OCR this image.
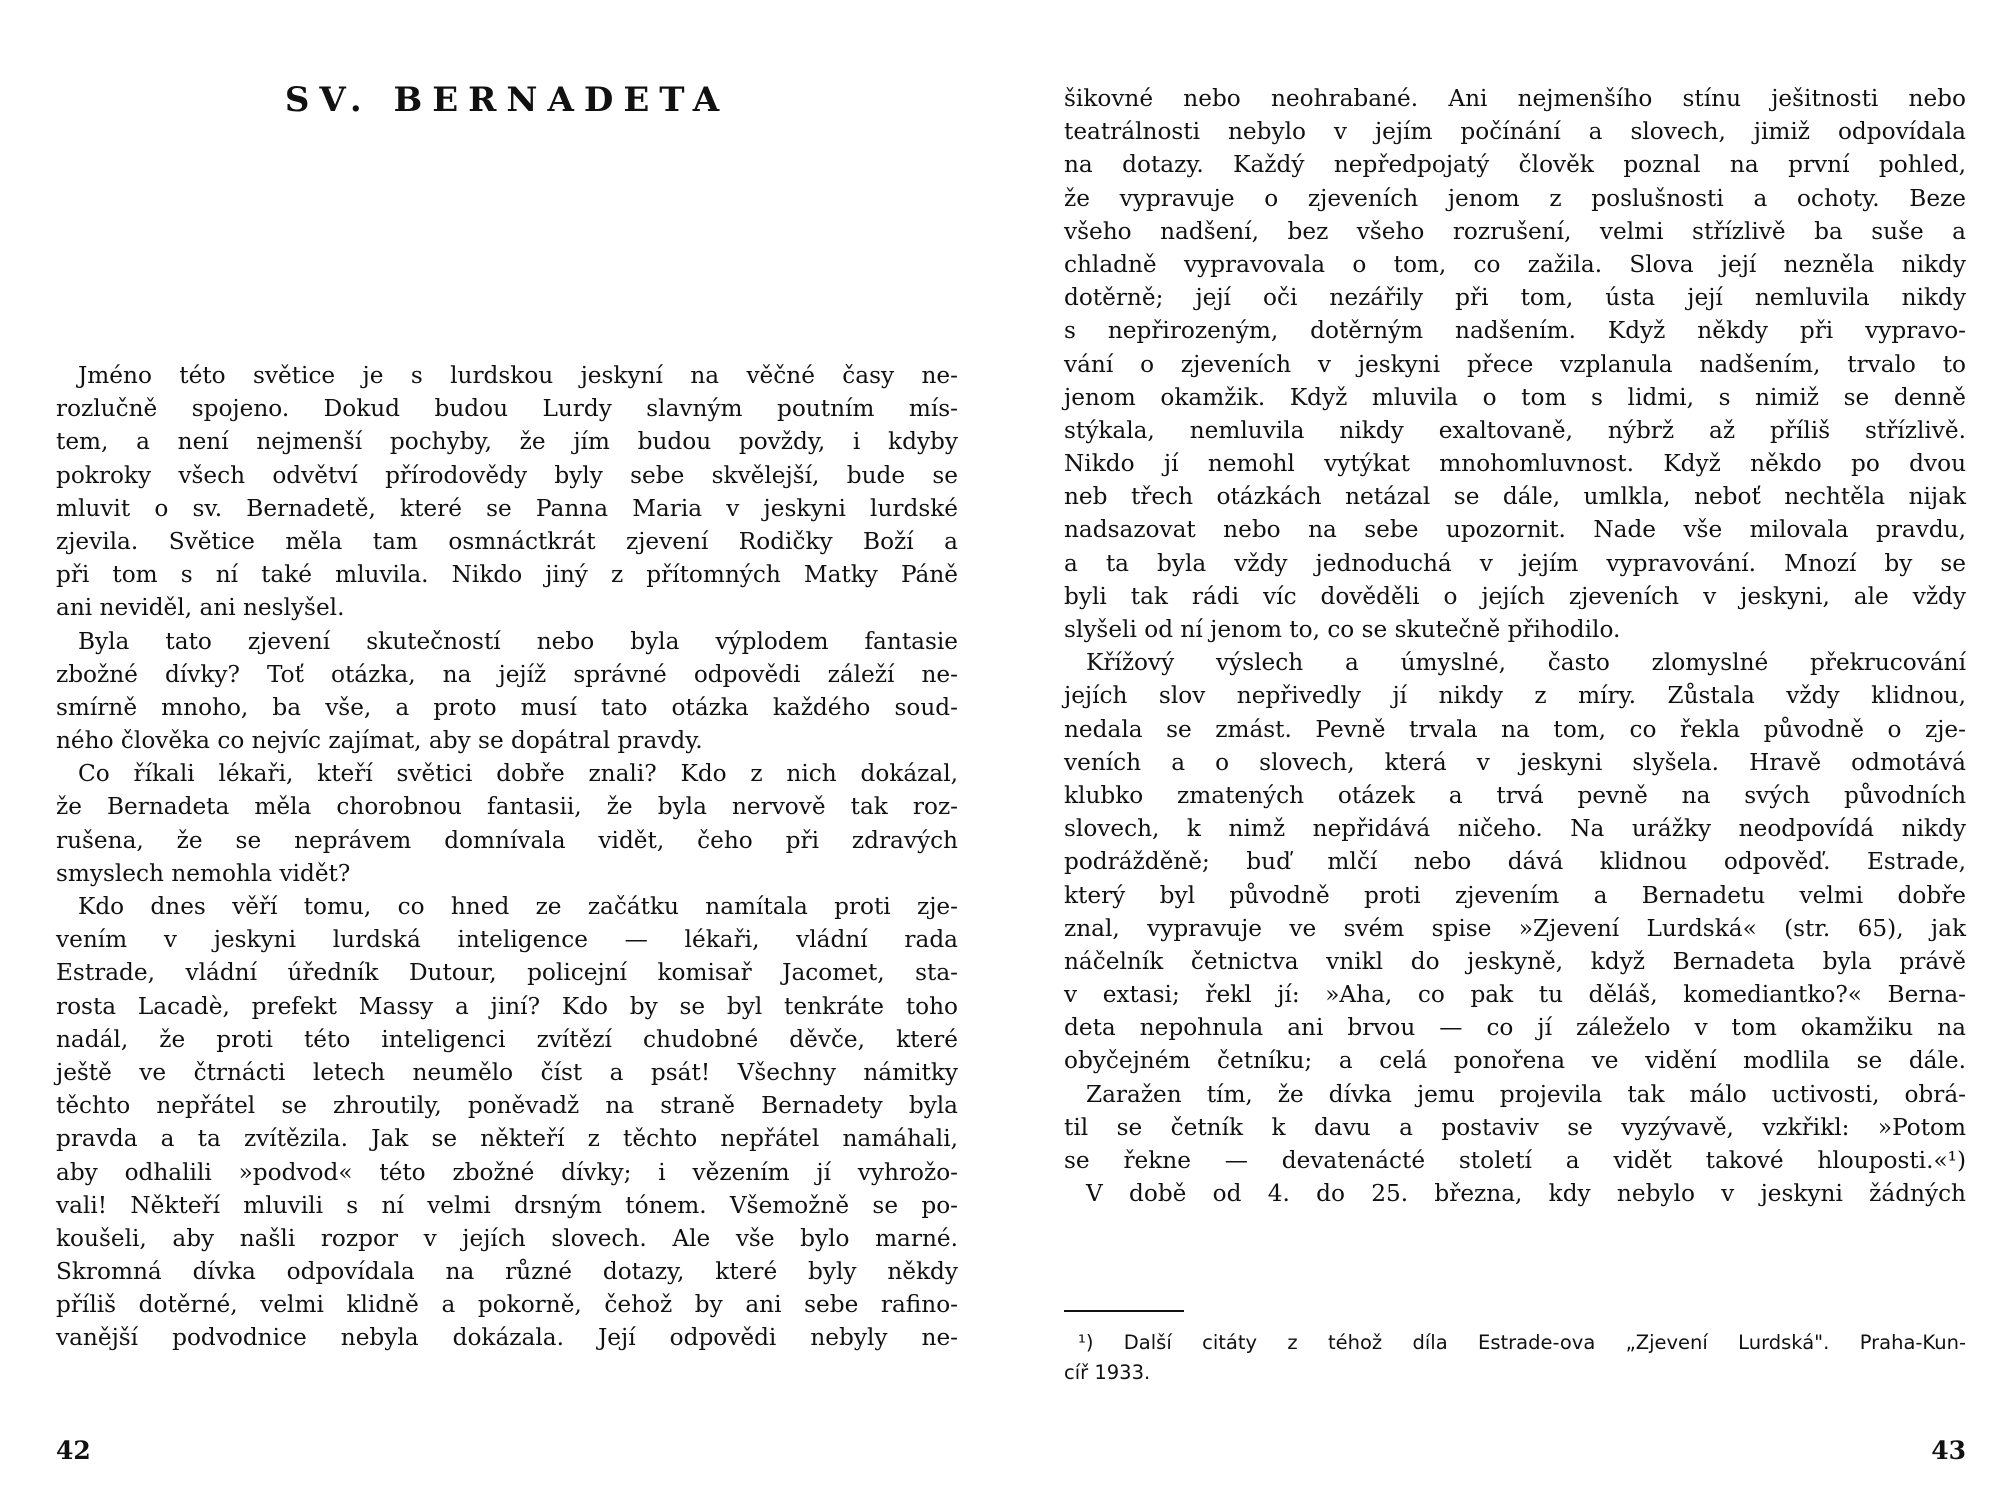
SV. BERNADETA
Jméno této světice je s lurdskou jeskyní na věčné časy ne-
rozlučně spojeno. Dokud budou Lurdy slavným poutním mís-
tem, a není nejmenší pochyby, že jím budou povždy, i kdyby
pokroky všech odvětví přírodovědy byly sebe skvělejší, bude se
mluvit o sv. Bernadetě, které se Panna Maria v jeskyni lurdské
zjevila. Světice měla tam osmnáctkrát zjevení Rodičky Boží a
při tom s ní také mluvila. Nikdo jiný z přítomných Matky Páně
ani neviděl, ani neslyšel.
Byla tato zjevení skutečností nebo byla výplodem fantasie
zbožné dívky? Toť otázka, na jejíž správné odpovědi záleží ne-
smírně mnoho, ba vše, a proto musí tato otázka každého soud-
ného člověka co nejvíc zajímat, aby se dopátral pravdy.
Co říkali lékaři, kteří světici dobře znali? Kdo z nich dokázal,
že Bernadeta měla chorobnou fantasii, že byla nervově tak roz-
rušena, že se neprávem domnívala vidět, čeho při zdravých
smyslech nemohla vidět?
Kdo dnes věří tomu, co hned ze začátku namítala proti zje-
vením v jeskyni lurdská inteligence — lékaři, vládní rada
Estrade, vládní úředník Dutour, policejní komisař Jacomet, sta-
rosta Lacadè, prefekt Massy a jiní? Kdo by se byl tenkráte toho
nadál, že proti této inteligenci zvítězí chudobné děvče, které
ještě ve čtrnácti letech neumělo číst a psát! Všechny námitky
těchto nepřátel se zhroutily, poněvadž na straně Bernadety byla
pravda a ta zvítězila. Jak se někteří z těchto nepřátel namáhali,
aby odhalili »podvod« této zbožné dívky; i vězením jí vyhrožo-
vali! Někteří mluvili s ní velmi drsným tónem. Všemožně se po-
koušeli, aby našli rozpor v jejích slovech. Ale vše bylo marné.
Skromná dívka odpovídala na různé dotazy, které byly někdy
příliš dotěrné, velmi klidně a pokorně, čehož by ani sebe rafino-
vanější podvodnice nebyla dokázala. Její odpovědi nebyly ne-
42
šikovné nebo neohrabané. Ani nejmenšího stínu ješitnosti nebo
teatrálnosti nebylo v jejím počínání a slovech, jimiž odpovídala
na dotazy. Každý nepředpojatý člověk poznal na první pohled,
že vypravuje o zjeveních jenom z poslušnosti a ochoty. Beze
všeho nadšení, bez všeho rozrušení, velmi střízlivě ba suše a
chladně vypravovala o tom, co zažila. Slova její nezněla nikdy
dotěrně; její oči nezářily při tom, ústa její nemluvila nikdy
s nepřirozeným, dotěrným nadšením. Když někdy při vypravo-
vání o zjeveních v jeskyni přece vzplanula nadšením, trvalo to
jenom okamžik. Když mluvila o tom s lidmi, s nimiž se denně
stýkala, nemluvila nikdy exaltovaně, nýbrž až příliš střízlivě.
Nikdo jí nemohl vytýkat mnohomluvnost. Když někdo po dvou
neb třech otázkách netázal se dále, umlkla, neboť nechtěla nijak
nadsazovat nebo na sebe upozornit. Nade vše milovala pravdu,
a ta byla vždy jednoduchá v jejím vypravování. Mnozí by se
byli tak rádi víc dověděli o jejích zjeveních v jeskyni, ale vždy
slyšeli od ní jenom to, co se skutečně přihodilo.
Křížový výslech a úmyslné, často zlomyslné překrucování
jejích slov nepřivedly jí nikdy z míry. Zůstala vždy klidnou,
nedala se zmást. Pevně trvala na tom, co řekla původně o zje-
veních a o slovech, která v jeskyni slyšela. Hravě odmotává
klubko zmatených otázek a trvá pevně na svých původních
slovech, k nimž nepřidává ničeho. Na urážky neodpovídá nikdy
podrážděně; buď mlčí nebo dává klidnou odpověď. Estrade,
který byl původně proti zjevením a Bernadetu velmi dobře
znal, vypravuje ve svém spise »Zjevení Lurdská« (str. 65), jak
náčelník četnictva vnikl do jeskyně, když Bernadeta byla právě
v extasi; řekl jí: »Aha, co pak tu děláš, komediantko?« Berna-
deta nepohnula ani brvou — co jí záleželo v tom okamžiku na
obyčejném četníku; a celá ponořena ve vidění modlila se dále.
Zaražen tím, že dívka jemu projevila tak málo uctivosti, obrá-
til se četník k davu a postaviv se vyzývavě, vzkřikl: »Potom
se řekne — devatenácté století a vidět takové hlouposti.«¹)
V době od 4. do 25. března, kdy nebylo v jeskyni žádných
¹) Další citáty z téhož díla Estrade-ova „Zjevení Lurdská". Praha-Kun-
cíř 1933.
43
